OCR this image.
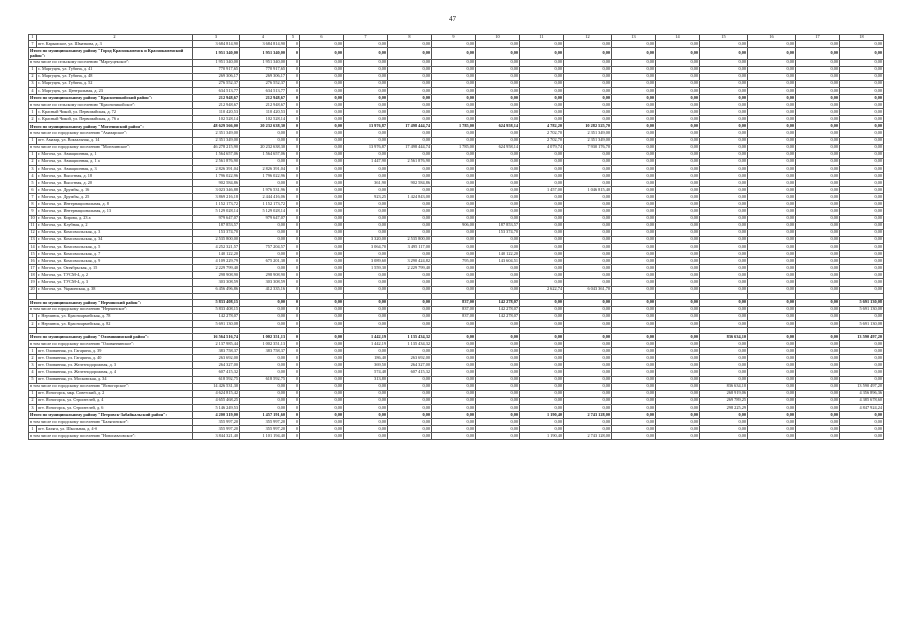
47
1	2	3	4	5	6	7	8	9	10	11	12	13	14	15	16	17	18
7	пгт. Карымское, ул. Шматкова, д. 3	3 684 814,90	3 684 814,90	0	0,00	0,00	0,00	0,00	0,00	0,00	0,00	0,00	0,00	0,00	0,00	0,00	0,00
Итого по муниципальному району "Город Краснокаменск и Краснокаменский район":		1 951 340,00	1 951 340,00	0	0,00	0,00	0,00	0,00	0,00	0,00	0,00	0,00	0,00	0,00	0,00	0,00	0,00
в том числе по сельскому поселению "Маргуцекское":		1 951 340,00	1 951 340,00	0	0,00	0,00	0,00	0,00	0,00	0,00	0,00	0,00	0,00	0,00	0,00	0,00	0,00
1	с. Маргуцек, ул. Губина, д. 41	770 917,65	770 917,65	0	0,00	0,00	0,00	0,00	0,00	0,00	0,00	0,00	0,00	0,00	0,00	0,00	0,00
2	с. Маргуцек, ул. Губина, д. 48	269 306,17	269 306,17	0	0,00	0,00	0,00	0,00	0,00	0,00	0,00	0,00	0,00	0,00	0,00	0,00	0,00
3	с. Маргуцек, ул. Губина, д. 52	276 552,37	276 552,37	0	0,00	0,00	0,00	0,00	0,00	0,00	0,00	0,00	0,00	0,00	0,00	0,00	0,00
4	с. Маргуцек, ул. Центральная, д. 23	634 513,77	634 513,77	0	0,00	0,00	0,00	0,00	0,00	0,00	0,00	0,00	0,00	0,00	0,00	0,00	0,00
Итого по муниципальному району "Красночикойский район":		212 948,67	212 948,67	0	0,00	0,00	0,00	0,00	0,00	0,00	0,00	0,00	0,00	0,00	0,00	0,00	0,00
в том числе по сельскому поселению "Красночикойское":		212 948,67	212 948,67	0	0,00	0,00	0,00	0,00	0,00	0,00	0,00	0,00	0,00	0,00	0,00	0,00	0,00
1	с. Красный Чикой, ул. Первомайская, д. 72	110 420,53	110 420,53	0	0,00	0,00	0,00	0,00	0,00	0,00	0,00	0,00	0,00	0,00	0,00	0,00	0,00
2	с. Красный Чикой, ул. Первомайская, д. 76 а	102 528,14	102 528,14	0	0,00	0,00	0,00	0,00	0,00	0,00	0,00	0,00	0,00	0,00	0,00	0,00	0,00
Итого по муниципальному району "Могочинский район":		48 629 566,00	20 232 638,30	0	0,00	13 976,87	17 498 444,74	1 785,00	624 958,14	4 782,20	10 282 525,70	0,00	0,00	0,00	0,00	0,00	0,00
в том числе по городскому поселению "Амазарское":		2 351 349,00	0,00	0	0,00	0,00	0,00	0,00	0,00	2 702,70	2 351 349,00	0,00	0,00	0,00	0,00	0,00	0,00
1	пгт. Амазар, ул. Вокзальная, д. 14	2 351 349,00	0,00	0	0,00	0,00	0,00	0,00	0,00	2 702,70	2 351 349,00	0,00	0,00	0,00	0,00	0,00	0,00
в том числе по городскому поселению "Могочинское":		46 278 215,90	20 232 638,30	0	0,00	13 976,87	17 498 444,74	1 785,00	624 958,14	4 079,74	7 930 176,70	0,00	0,00	0,00	0,00	0,00	0,00
1	г. Могоча, ул. Авиационная, д. 1	1 564 657,06	1 564 657,06	0	0,00	0,00	0,00	0,00	0,00	0,00	0,00	0,00	0,00	0,00	0,00	0,00	0,00
2	г. Могоча, ул. Авиационная, д. 1 а	2 561 876,90	0,00	0	0,00	1 447,90	2 561 876,90	0,00	0,00	0,00	0,00	0,00	0,00	0,00	0,00	0,00	0,00
3	г. Могоча, ул. Авиационная, д. 3	2 826 391,04	2 826 391,04	0	0,00	0,00	0,00	0,00	0,00	0,00	0,00	0,00	0,00	0,00	0,00	0,00	0,00
4	г. Могоча, ул. Высотная, д. 18	1 796 022,96	1 796 022,96	0	0,00	0,00	0,00	0,00	0,00	0,00	0,00	0,00	0,00	0,00	0,00	0,00	0,00
5	г. Могоча, ул. Высотная, д. 20	902 584,86	0,00	0	0,00	361,90	902 584,86	0,00	0,00	0,00	0,00	0,00	0,00	0,00	0,00	0,00	0,00
6	г. Могоча, ул. Дружбы, д. 16	3 023 346,88	1 976 531,96	0	0,00	0,00	0,00	0,00	0,00	1 457,00	1 046 815,40	0,00	0,00	0,00	0,00	0,00	0,00
7	г. Могоча, ул. Дружбы, д. 25	3 869 216,18	2 444 416,06	0	0,00	923,25	1 424 843,00	0,00	0,00	0,00	0,00	0,00	0,00	0,00	0,00	0,00	0,00
8	г. Могоча, ул. Интернациональная, д. 8	1 152 173,72	1 152 173,72	0	0,00	0,00	0,00	0,00	0,00	0,00	0,00	0,00	0,00	0,00	0,00	0,00	0,00
9	г. Могоча, ул. Интернациональная, д. 13	5 129 028,14	5 129 028,14	0	0,00	0,00	0,00	0,00	0,00	0,00	0,00	0,00	0,00	0,00	0,00	0,00	0,00
10	г. Могоча, ул. Кирова, д. 23 а	979 647,07	979 647,07	0	0,00	0,00	0,00	0,00	0,00	0,00	0,00	0,00	0,00	0,00	0,00	0,00	0,00
11	г. Могоча, ул. Клубная, д. 2	187 853,57	0,00	0	0,00	0,00	0,00	906,00	187 853,57	0,00	0,00	0,00	0,00	0,00	0,00	0,00	0,00
12	г. Могоча, ул. Комсомольская, д. 3	153 374,70	0,00	0	0,00	0,00	0,00	0,00	153 374,70	0,00	0,00	0,00	0,00	0,00	0,00	0,00	0,00
13	г. Могоча, ул. Комсомольская, д. 34	2 535 800,00	0,00	0	0,00	3 320,00	2 535 800,00	0,00	0,00	0,00	0,00	0,00	0,00	0,00	0,00	0,00	0,00
14	г. Могоча, ул. Комсомольская, д. 5	4 252 321,57	757 204,57	0	0,00	3 064,70	3 495 117,00	0,00	0,00	0,00	0,00	0,00	0,00	0,00	0,00	0,00	0,00
15	г. Могоча, ул. Комсомольская, д. 7	140 122,20	0,00	0	0,00	0,00	0,00	0,00	140 122,20	0,00	0,00	0,00	0,00	0,00	0,00	0,00	0,00
16	г. Могоча, ул. Комсомольская, д. 9	4 109 229,79	675 201,38	0	0,00	3 089,60	3 290 424,82	795,00	143 604,51	0,00	0,00	0,00	0,00	0,00	0,00	0,00	0,00
17	г. Могоча, ул. Октябрьская, д. 15	2 229 799,40	0,00	0	0,00	1 559,30	2 229 799,40	0,00	0,00	0,00	0,00	0,00	0,00	0,00	0,00	0,00	0,00
18	г. Могоча, ул. ТУСМ-4, д. 2	298 908,90	298 908,90	0	0,00	0,00	0,00	0,00	0,00	0,00	0,00	0,00	0,00	0,00	0,00	0,00	0,00
19	г. Могоча, ул. ТУСМ-4, д. 3	303 308,59	303 308,59	0	0,00	0,00	0,00	0,00	0,00	0,00	0,00	0,00	0,00	0,00	0,00	0,00	0,00
20	г. Могоча, ул. Украинская, д. 38	6 456 496,86	412 335,16	0	0,00	0,00	0,00	0,00	0,00	2 622,74	6 043 361,70	0,00	0,00	0,00	0,00	0,00	0,00

Итого по муниципальному району "Нерчинский район":		5 833 408,15	0,00	0	0,00	0,00	0,00	837,00	142 278,07	0,00	0,00	0,00	0,00	0,00	0,00	0,00	5 691 130,08
в том числе по городскому поселению "Нерчинское":		5 833 408,15	0,00	0	0,00	0,00	0,00	837,00	142 278,07	0,00	0,00	0,00	0,00	0,00	0,00	0,00	5 691 130,08
1	г. Нерчинск, ул. Красноармейская, д. 78	142 278,07	0,00	0	0,00	0,00	0,00	837,00	142 278,07	0,00	0,00	0,00	0,00	0,00	0,00	0,00	0,00
2	г. Нерчинск, ул. Красноармейская, д. 82	5 691 130,08	0,00	0	0,00	0,00	0,00	0,00	0,00	0,00	0,00	0,00	0,00	0,00	0,00	0,00	5 691 130,08

Итого по муниципальному району "Оловяннинский район":		16 564 516,74	1 002 351,13	0	0,00	1 442,19	1 135 434,32	0,00	0,00	0,00	0,00	0,00	0,00	836 634,10	0,00	0,00	13 590 497,20
в том числе по городскому поселению "Оловяннинское":		2 137 985,44	1 002 351,13	0	0,00	1 442,19	1 135 434,32	0,00	0,00	0,00	0,00	0,00	0,00	0,00	0,00	0,00	0,00
1	пгт. Оловянная, ул. Гагарина, д. 39	383 758,37	383 758,37	0	0,00	0,00	0,00	0,00	0,00	0,00	0,00	0,00	0,00	0,00	0,00	0,00	0,00
2	пгт. Оловянная, ул. Гагарина, д. 40	263 692,00	0,00	0	0,00	186,40	263 692,00	0,00	0,00	0,00	0,00	0,00	0,00	0,00	0,00	0,00	0,00
3	пгт. Оловянная, ул. Железнодорожная, д. 3	264 327,00	0,00	0	0,00	369,50	264 327,00	0,00	0,00	0,00	0,00	0,00	0,00	0,00	0,00	0,00	0,00
4	пгт. Оловянная, ул. Железнодорожная, д. 4	607 415,32	0,00	0	0,00	574,48	607 415,32	0,00	0,00	0,00	0,00	0,00	0,00	0,00	0,00	0,00	0,00
5	пгт. Оловянная, ул. Московская, д. 34	618 592,75	618 592,75	0	0,00	313,80	0,00	0,00	0,00	0,00	0,00	0,00	0,00	0,00	0,00	0,00	0,00
в том числе по городскому поселению "Ясногорское":		14 426 531,30	0,00	0	0,00	0,00	0,00	0,00	0,00	0,00	0,00	0,00	0,00	836 634,10	0,00	0,00	13 590 497,20
1	пгт. Ясногорск, мкр. Советский, д. 2	4 624 815,42	0,00	0	0,00	0,00	0,00	0,00	0,00	0,00	0,00	0,00	0,00	268 919,06	0,00	0,00	4 356 896,36
2	пгт. Ясногорск, ул. Строителей, д. 4	4 655 468,25	0,00	0	0,00	0,00	0,00	0,00	0,00	0,00	0,00	0,00	0,00	269 789,25	0,00	0,00	4 385 678,60
3	пгт. Ясногорск, ул. Строителей, д. 6	5 146 249,53	0,00	0	0,00	0,00	0,00	0,00	0,00	0,00	0,00	0,00	0,00	298 225,29	0,00	0,00	4 847 924,24
Итого по муниципальному району "Петровск-Забайкальский район":		4 200 319,00	1 457 191,60	0	0,00	0,00	0,00	0,00	0,00	1 190,40	2 743 128,00	0,00	0,00	0,00	0,00	0,00	0,00
в том числе по городскому поселению "Балягинское":		355 997,20	355 997,20	0	0,00	0,00	0,00	0,00	0,00	0,00	0,00	0,00	0,00	0,00	0,00	0,00	0,00
1	пгт. Баляга, ул. Школьная, д. 4-б	355 997,20	355 997,20	0	0,00	0,00	0,00	0,00	0,00	0,00	0,00	0,00	0,00	0,00	0,00	0,00	0,00
в том числе по городскому поселению "Новопавловское":		3 844 321,40	1 101 194,40	0	0,00	0,00	0,00	0,00	0,00	1 190,40	2 743 128,00	0,00	0,00	0,00	0,00	0,00	0,00
